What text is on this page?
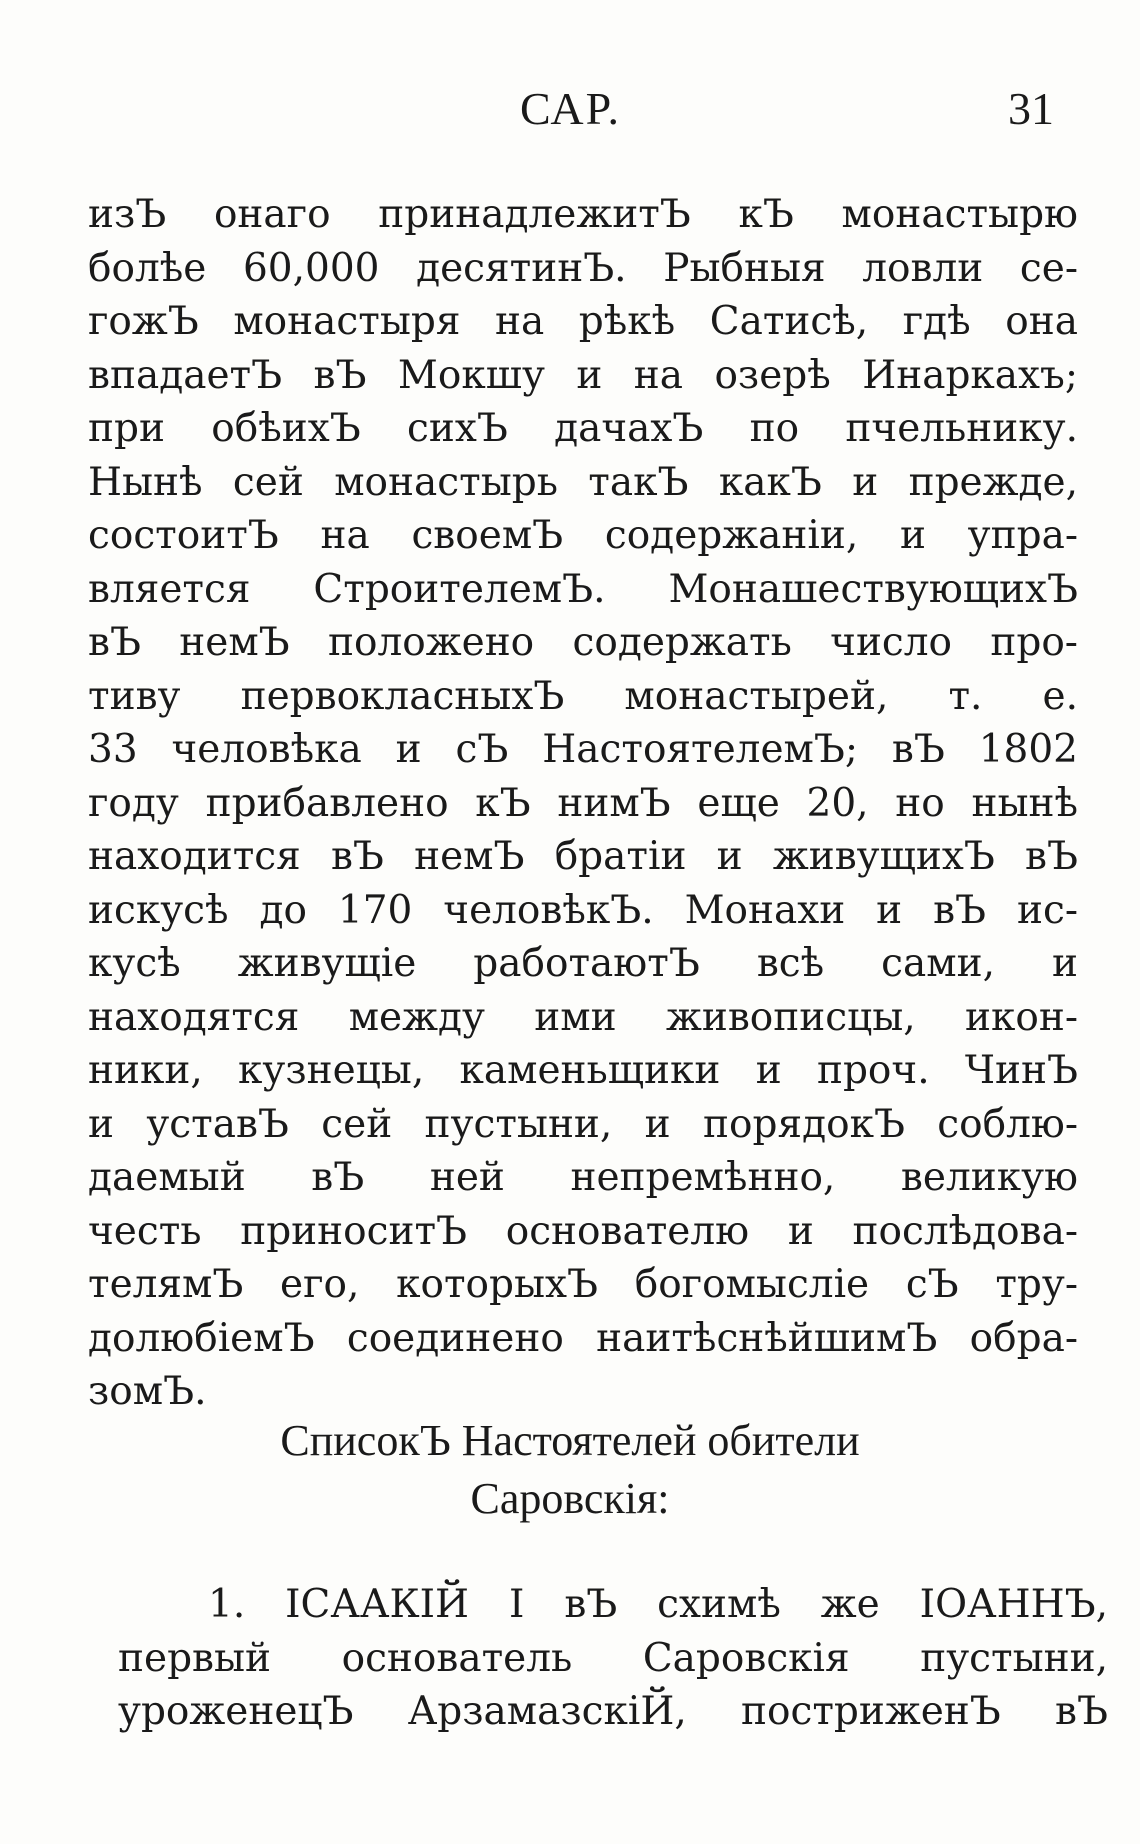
САР.	31
изЪ онаго принадлежитЪ кЪ монастырю
болѣе 60,000 десятинЪ. Рыбныя ловли се-
гожЪ монастыря на рѣкѣ Сатисѣ, гдѣ она
впадаетЪ вЪ Мокшу и на озерѣ Инаркахъ;
при обѣихЪ сихЪ дачахЪ по пчельнику.
Нынѣ сей монастырь такЪ какЪ и прежде,
состоитЪ на своемЪ содержанiи, и упра-
вляется СтроителемЪ. МонашествующихЪ
вЪ немЪ положено содержать число про-
тиву первокласныхЪ монастырей, т. е.
33 человѣка и сЪ НастоятелемЪ; вЪ 1802
году прибавлено кЪ нимЪ еще 20, но нынѣ
находится вЪ немЪ братiи и живущихЪ вЪ
искусѣ до 170 человѣкЪ. Монахи и вЪ ис-
кусѣ живущiе работаютЪ всѣ сами, и
находятся между ими живописцы, икон-
ники, кузнецы, каменьщики и проч. ЧинЪ
и уставЪ сей пустыни, и порядокЪ соблю-
даемый вЪ ней непремѣнно, великую
честь приноситЪ основателю и послѣдова-
телямЪ его, которыхЪ богомыслiе сЪ тру-
долюбiемЪ соединено наитѣснѣйшимЪ обра-
зомЪ.
СписокЪ Настоятелей обители
Саровскiя:
1. IСААКIЙ I вЪ схимѣ же IОАННЪ,
первый основатель Саровскiя пустыни,
уроженецЪ АрзамазскiЙ, постриженЪ вЪ
